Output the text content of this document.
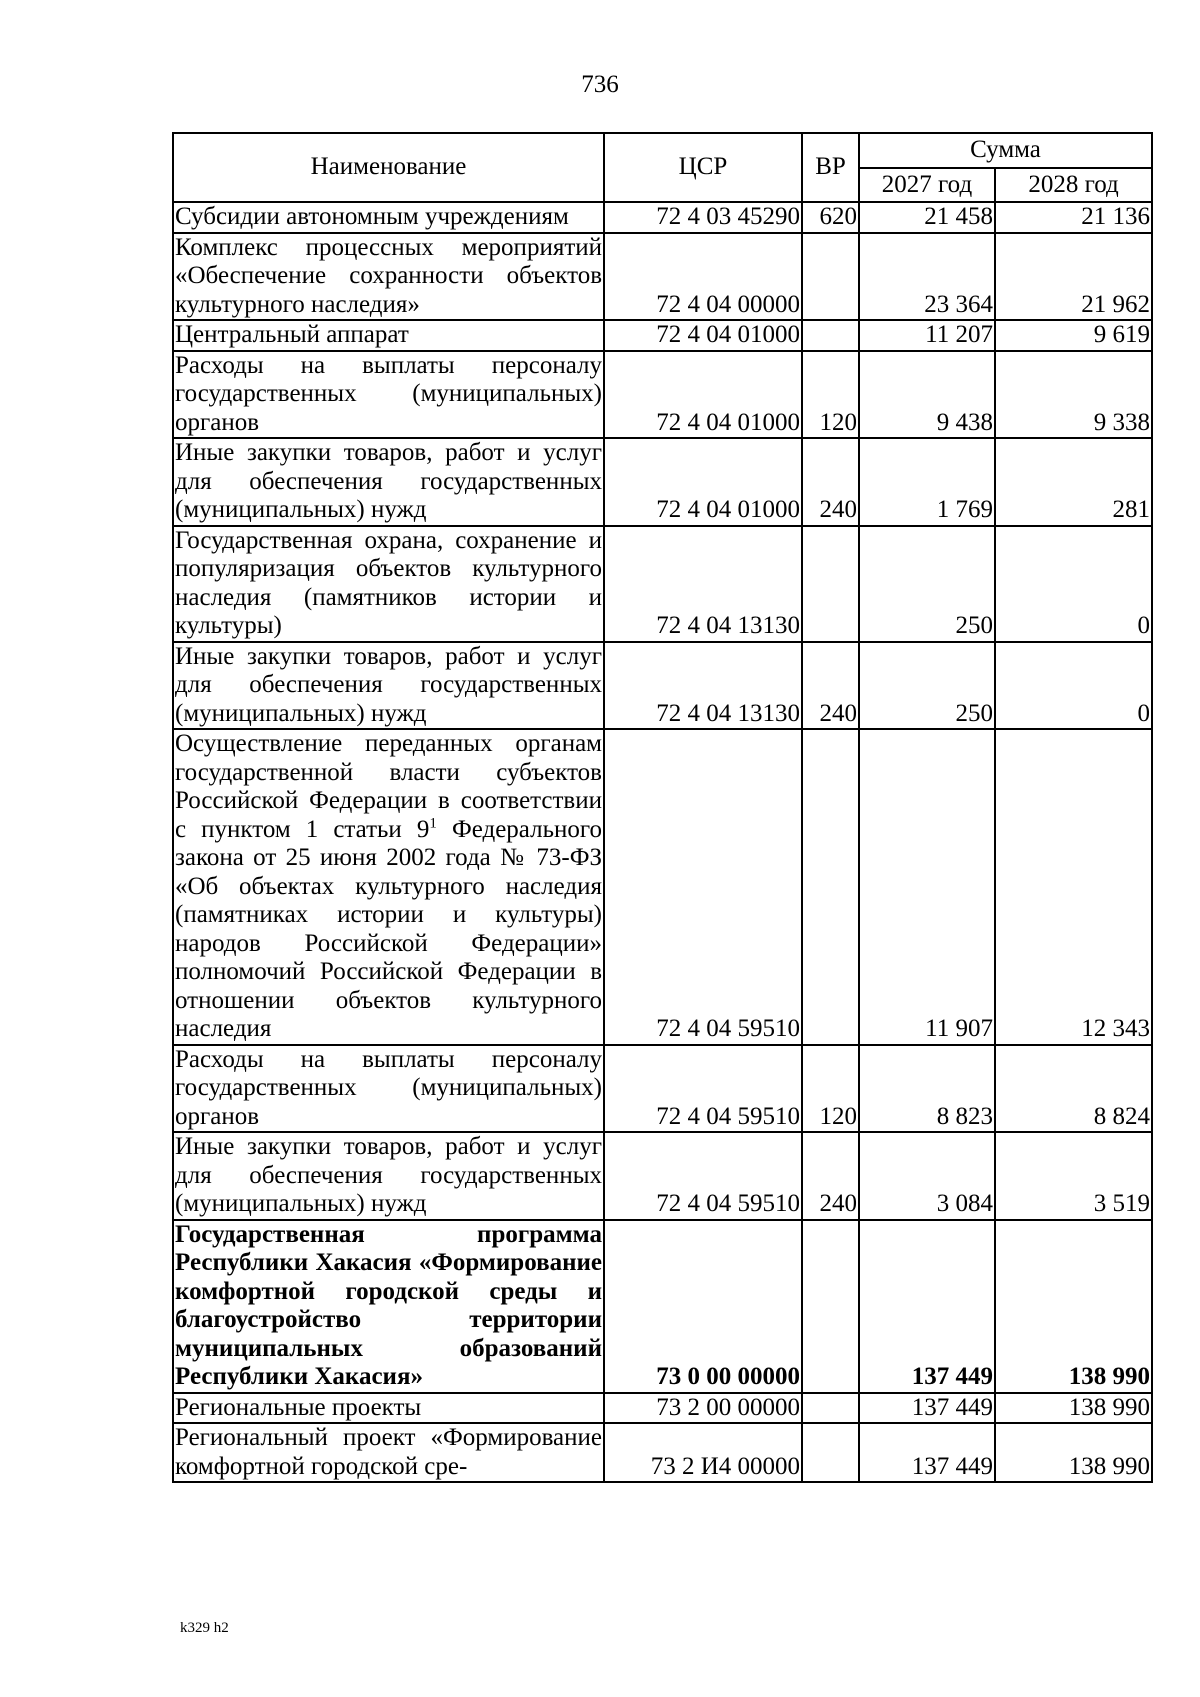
736
Наименование	ЦСР	ВР	Сумма	
			2027 год	2028 год
Субсидии автономным учреждениям	72 4 03 45290	620	21 458	21 136
Комплекс процессных мероприятий «Обеспечение сохранности объектов культурного наследия»	72 4 04 00000		23 364	21 962
Центральный аппарат	72 4 04 01000		11 207	9 619
Расходы на выплаты персоналу государственных (муниципальных) органов	72 4 04 01000	120	9 438	9 338
Иные закупки товаров, работ и услуг для обеспечения государственных (муниципальных) нужд	72 4 04 01000	240	1 769	281
Государственная охрана, сохранение и популяризация объектов культурного наследия (памятников истории и культуры)	72 4 04 13130		250	0
Иные закупки товаров, работ и услуг для обеспечения государственных (муниципальных) нужд	72 4 04 13130	240	250	0
Осуществление переданных органам государственной власти субъектов Российской Федерации в соответствии с пунктом 1 статьи $9^1$ Федерального закона от 25 июня 2002 года № 73-ФЗ «Об объектах культурного наследия (памятниках истории и культуры) народов Российской Федерации» полномочий Российской Федерации в отношении объектов культурного наследия	72 4 04 59510		11 907	12 343
Расходы на выплаты персоналу государственных (муниципальных) органов	72 4 04 59510	120	8 823	8 824
Иные закупки товаров, работ и услуг для обеспечения государственных (муниципальных) нужд	72 4 04 59510	240	3 084	3 519
Государственная программа Республики Хакасия «Формирование комфортной городской среды и благоустройство территории муниципальных образований Республики Хакасия»	73 0 00 00000		137 449	138 990
Региональные проекты	73 2 00 00000		137 449	138 990
Региональный проект «Формирование комфортной городской сре-	73 2 И4 00000		137 449	138 990
k329 h2
